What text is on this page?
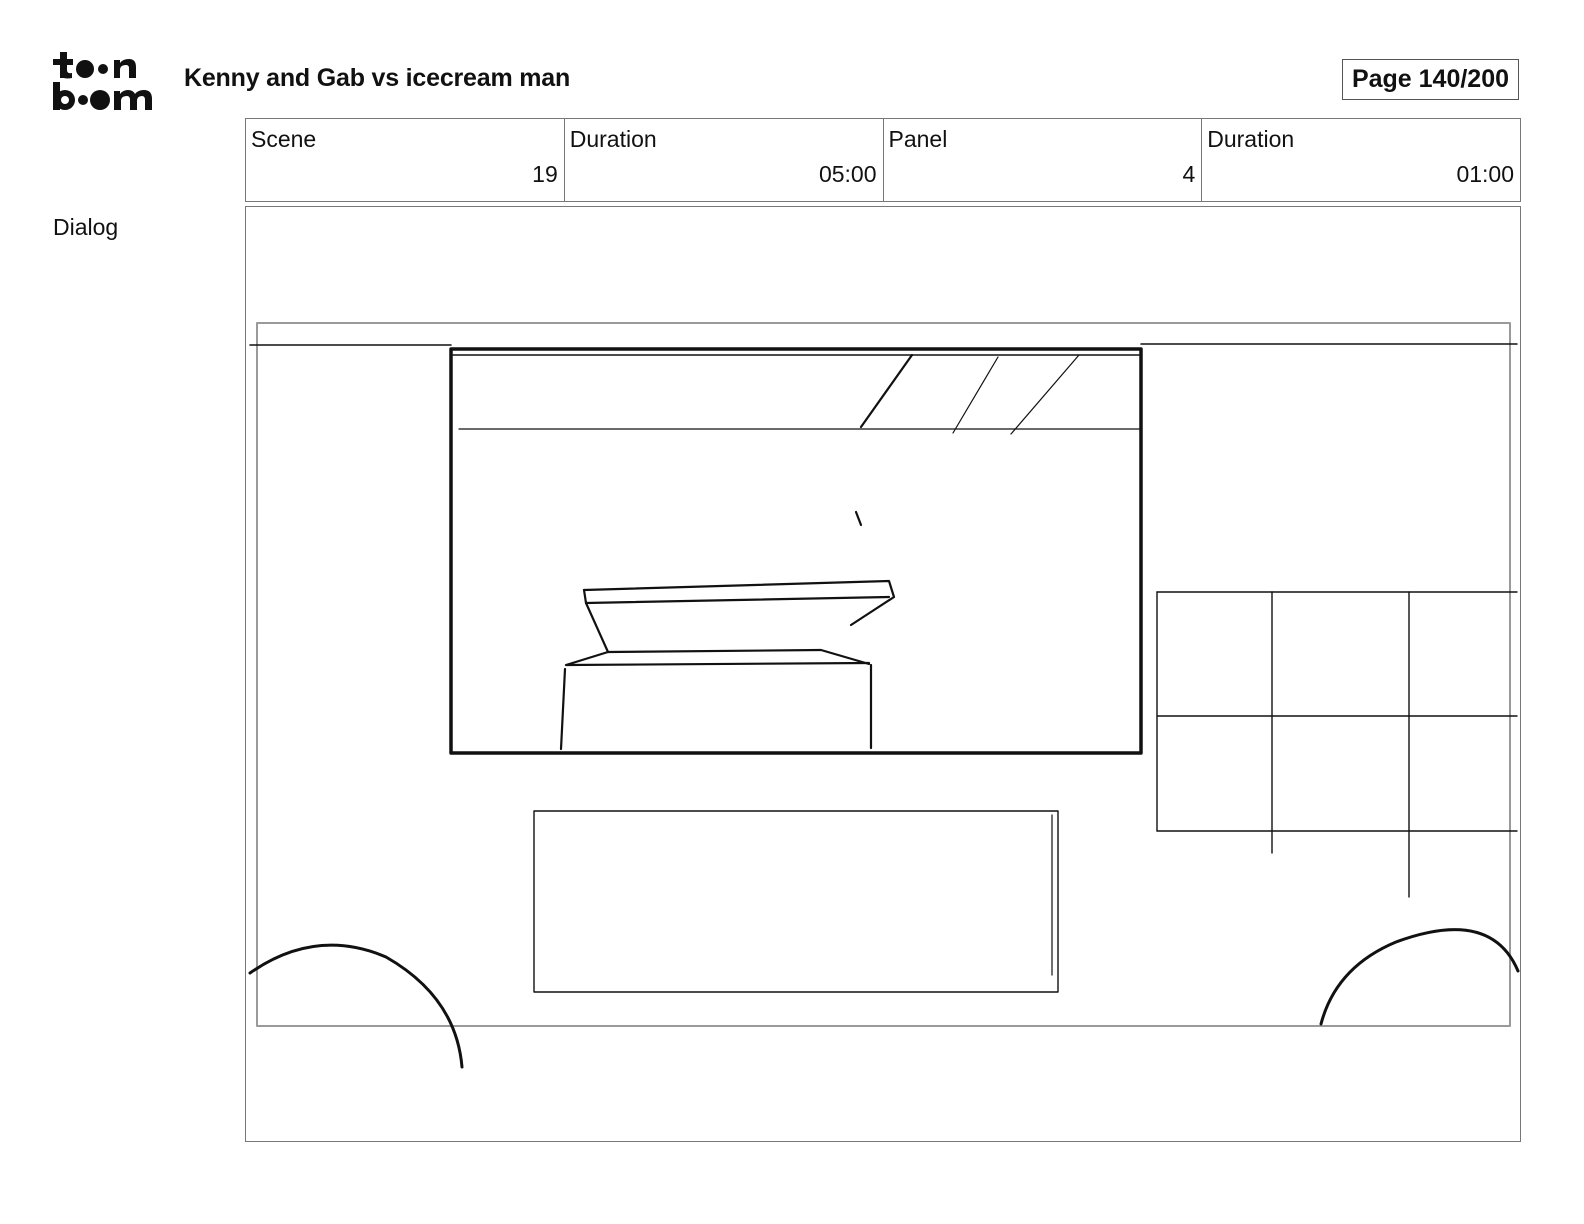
Kenny and Gab vs icecream man	Page 140/200
Scene
19
Duration
05:00
Panel
4
Duration
01:00
Dialog
